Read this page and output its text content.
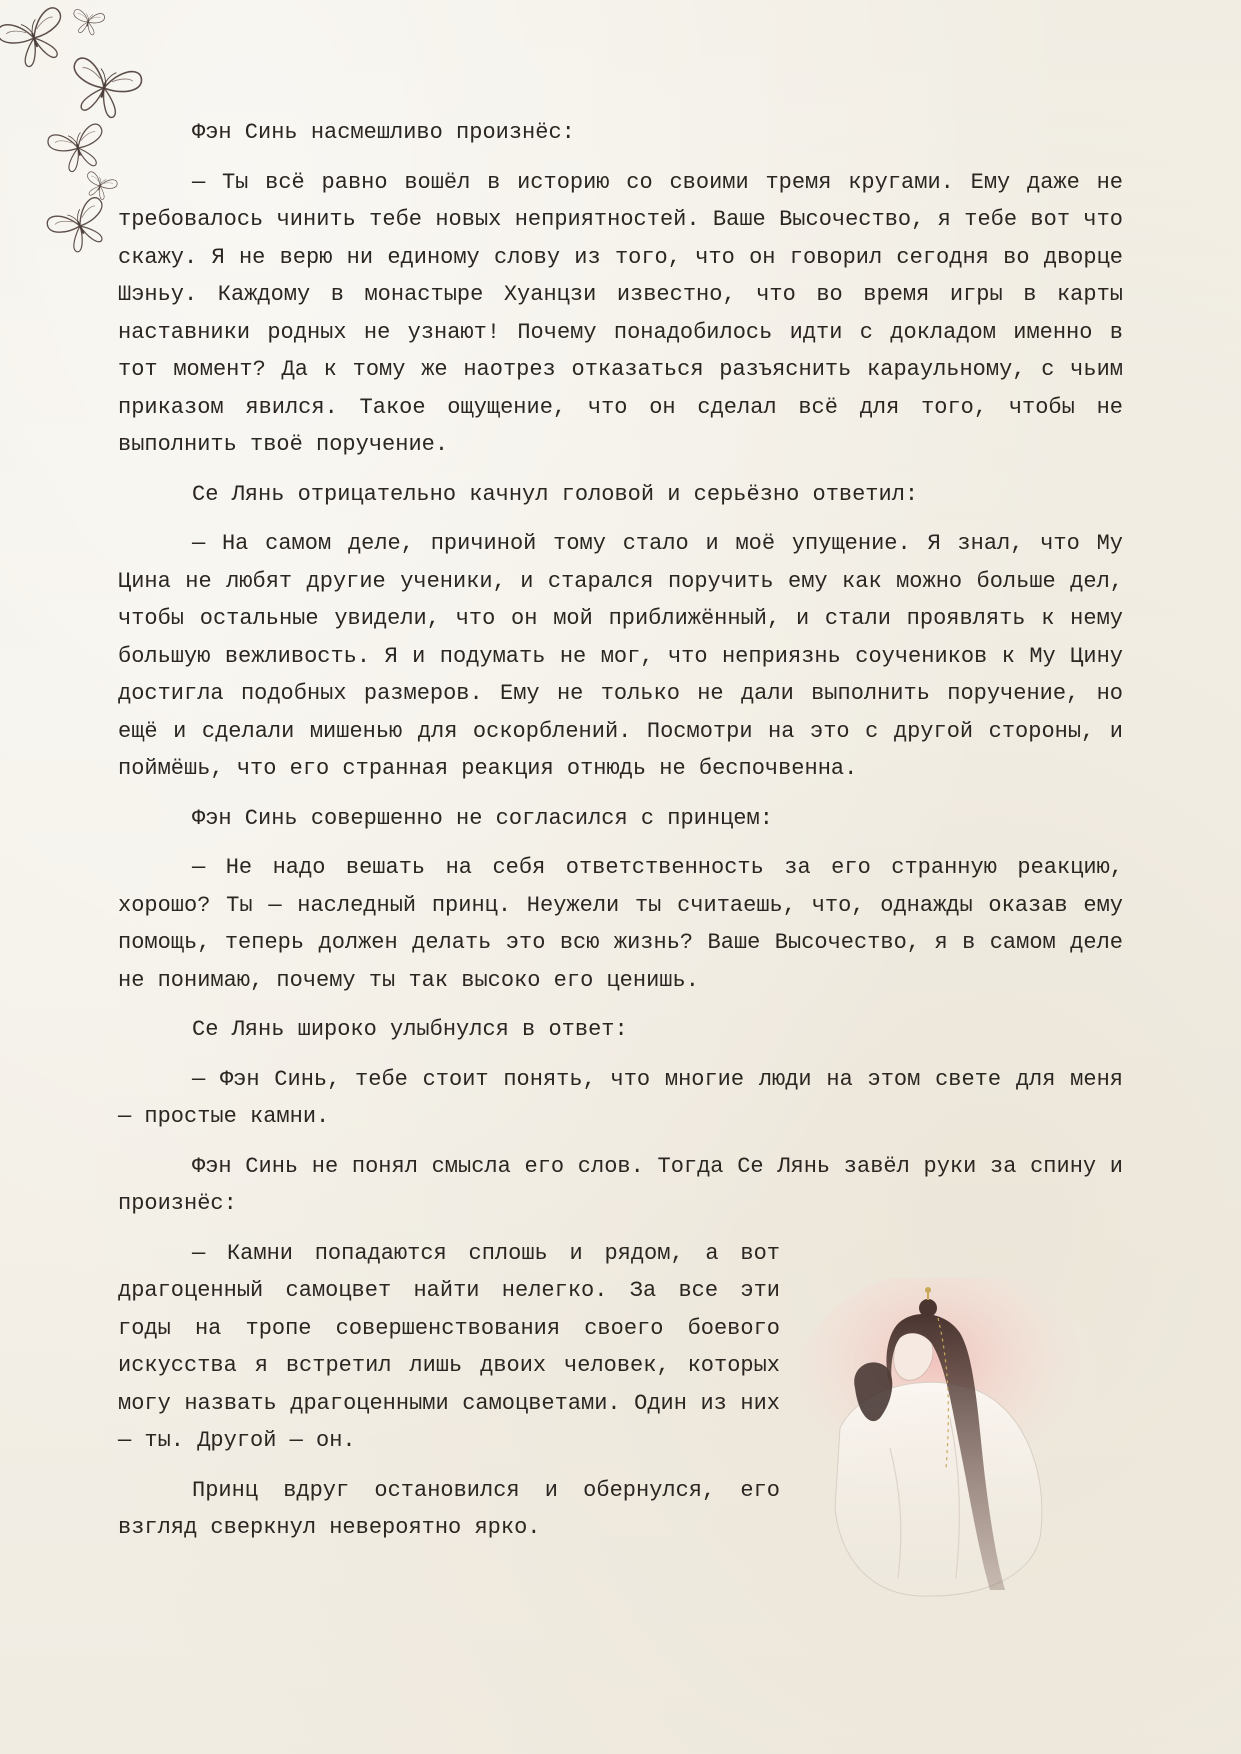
Фэн Синь насмешливо произнёс:

— Ты всё равно вошёл в историю со своими тремя кругами. Ему даже не требовалось чинить тебе новых неприятностей. Ваше Высочество, я тебе вот что скажу. Я не верю ни единому слову из того, что он говорил сегодня во дворце Шэньу. Каждому в монастыре Хуанцзи известно, что во время игры в карты наставники родных не узнают! Почему понадобилось идти с докладом именно в тот момент? Да к тому же наотрез отказаться разъяснить караульному, с чьим приказом явился. Такое ощущение, что он сделал всё для того, чтобы не выполнить твоё поручение.

Се Лянь отрицательно качнул головой и серьёзно ответил:

— На самом деле, причиной тому стало и моё упущение. Я знал, что Му Цина не любят другие ученики, и старался поручить ему как можно больше дел, чтобы остальные увидели, что он мой приближённый, и стали проявлять к нему большую вежливость. Я и подумать не мог, что неприязнь соучеников к Му Цину достигла подобных размеров. Ему не только не дали выполнить поручение, но ещё и сделали мишенью для оскорблений. Посмотри на это с другой стороны, и поймёшь, что его странная реакция отнюдь не беспочвенна.

Фэн Синь совершенно не согласился с принцем:

— Не надо вешать на себя ответственность за его странную реакцию, хорошо? Ты — наследный принц. Неужели ты считаешь, что, однажды оказав ему помощь, теперь должен делать это всю жизнь? Ваше Высочество, я в самом деле не понимаю, почему ты так высоко его ценишь.

Се Лянь широко улыбнулся в ответ:

— Фэн Синь, тебе стоит понять, что многие люди на этом свете для меня — простые камни.

Фэн Синь не понял смысла его слов. Тогда Се Лянь завёл руки за спину и произнёс:

— Камни попадаются сплошь и рядом, а вот драгоценный самоцвет найти нелегко. За все эти годы на тропе совершенствования своего боевого искусства я встретил лишь двоих человек, которых могу назвать драгоценными самоцветами. Один из них — ты. Другой — он.

Принц вдруг остановился и обернулся, его взгляд сверкнул невероятно ярко.
